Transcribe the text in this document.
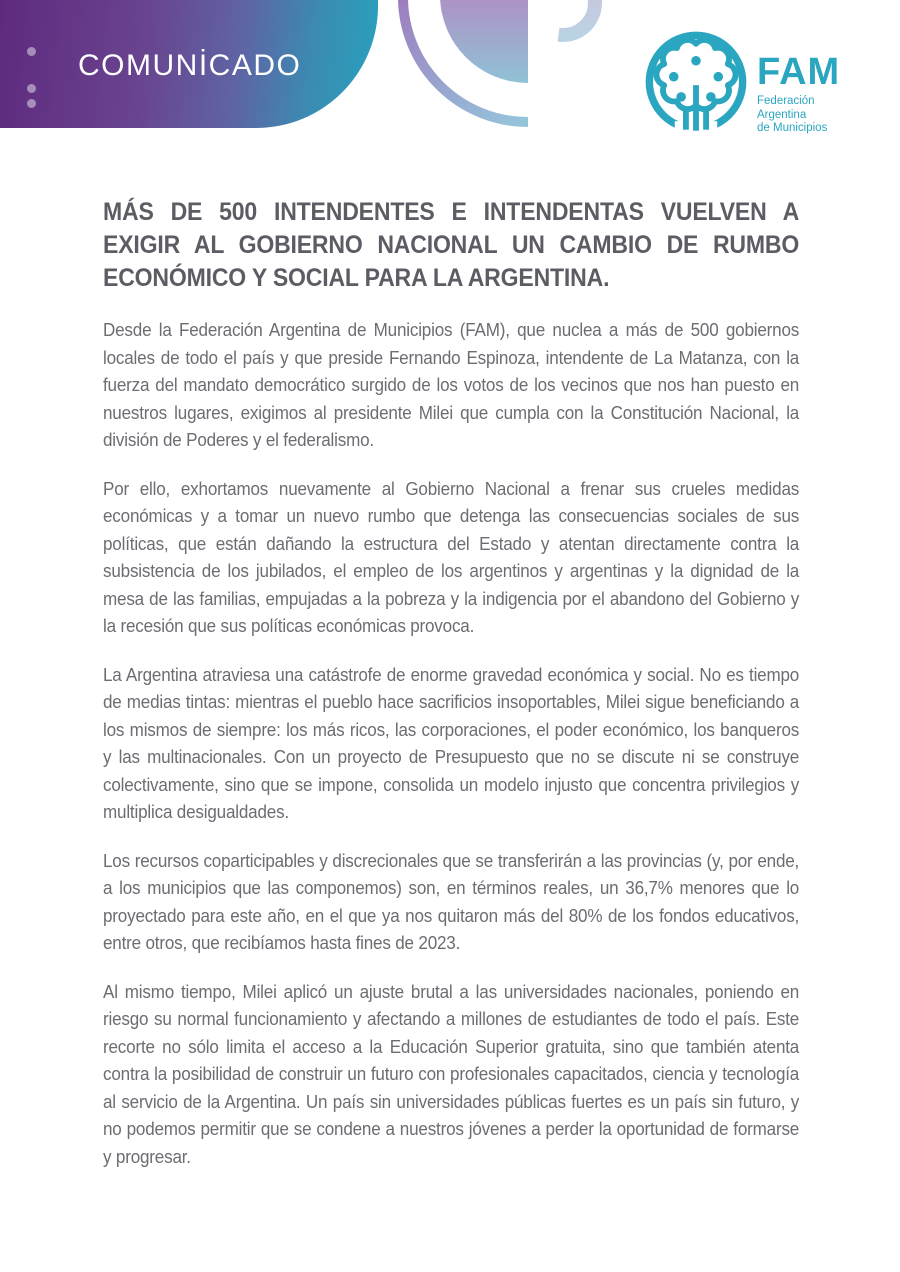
COMUNİCADO	FAM
Federación Argentina
de Municipios
MÁS DE 500 INTENDENTES E INTENDENTAS VUELVEN A EXIGIR AL GOBIERNO NACIONAL UN CAMBIO DE RUMBO ECONÓMICO Y SOCIAL PARA LA ARGENTINA.

Desde la Federación Argentina de Municipios (FAM), que nuclea a más de 500 gobiernos locales de todo el país y que preside Fernando Espinoza, intendente de La Matanza, con la fuerza del mandato democrático surgido de los votos de los vecinos que nos han puesto en nuestros lugares, exigimos al presidente Milei que cumpla con la Constitución Nacional, la división de Poderes y el federalismo.

Por ello, exhortamos nuevamente al Gobierno Nacional a frenar sus crueles medidas económicas y a tomar un nuevo rumbo que detenga las consecuencias sociales de sus políticas, que están dañando la estructura del Estado y atentan directamente contra la subsistencia de los jubilados, el empleo de los argentinos y argentinas y la dignidad de la mesa de las familias, empujadas a la pobreza y la indigencia por el abandono del Gobierno y la recesión que sus políticas económicas provoca.

La Argentina atraviesa una catástrofe de enorme gravedad económica y social. No es tiempo de medias tintas: mientras el pueblo hace sacrificios insoportables, Milei sigue beneficiando a los mismos de siempre: los más ricos, las corporaciones, el poder económico, los banqueros y las multinacionales. Con un proyecto de Presupuesto que no se discute ni se construye colectivamente, sino que se impone, consolida un modelo injusto que concentra privilegios y multiplica desigualdades.

Los recursos coparticipables y discrecionales que se transferirán a las provincias (y, por ende, a los municipios que las componemos) son, en términos reales, un 36,7% menores que lo proyectado para este año, en el que ya nos quitaron más del 80% de los fondos educativos, entre otros, que recibíamos hasta fines de 2023.

Al mismo tiempo, Milei aplicó un ajuste brutal a las universidades nacionales, poniendo en riesgo su normal funcionamiento y afectando a millones de estudiantes de todo el país. Este recorte no sólo limita el acceso a la Educación Superior gratuita, sino que también atenta contra la posibilidad de construir un futuro con profesionales capacitados, ciencia y tecnología al servicio de la Argentina. Un país sin universidades públicas fuertes es un país sin futuro, y no podemos permitir que se condene a nuestros jóvenes a perder la oportunidad de formarse y progresar.
